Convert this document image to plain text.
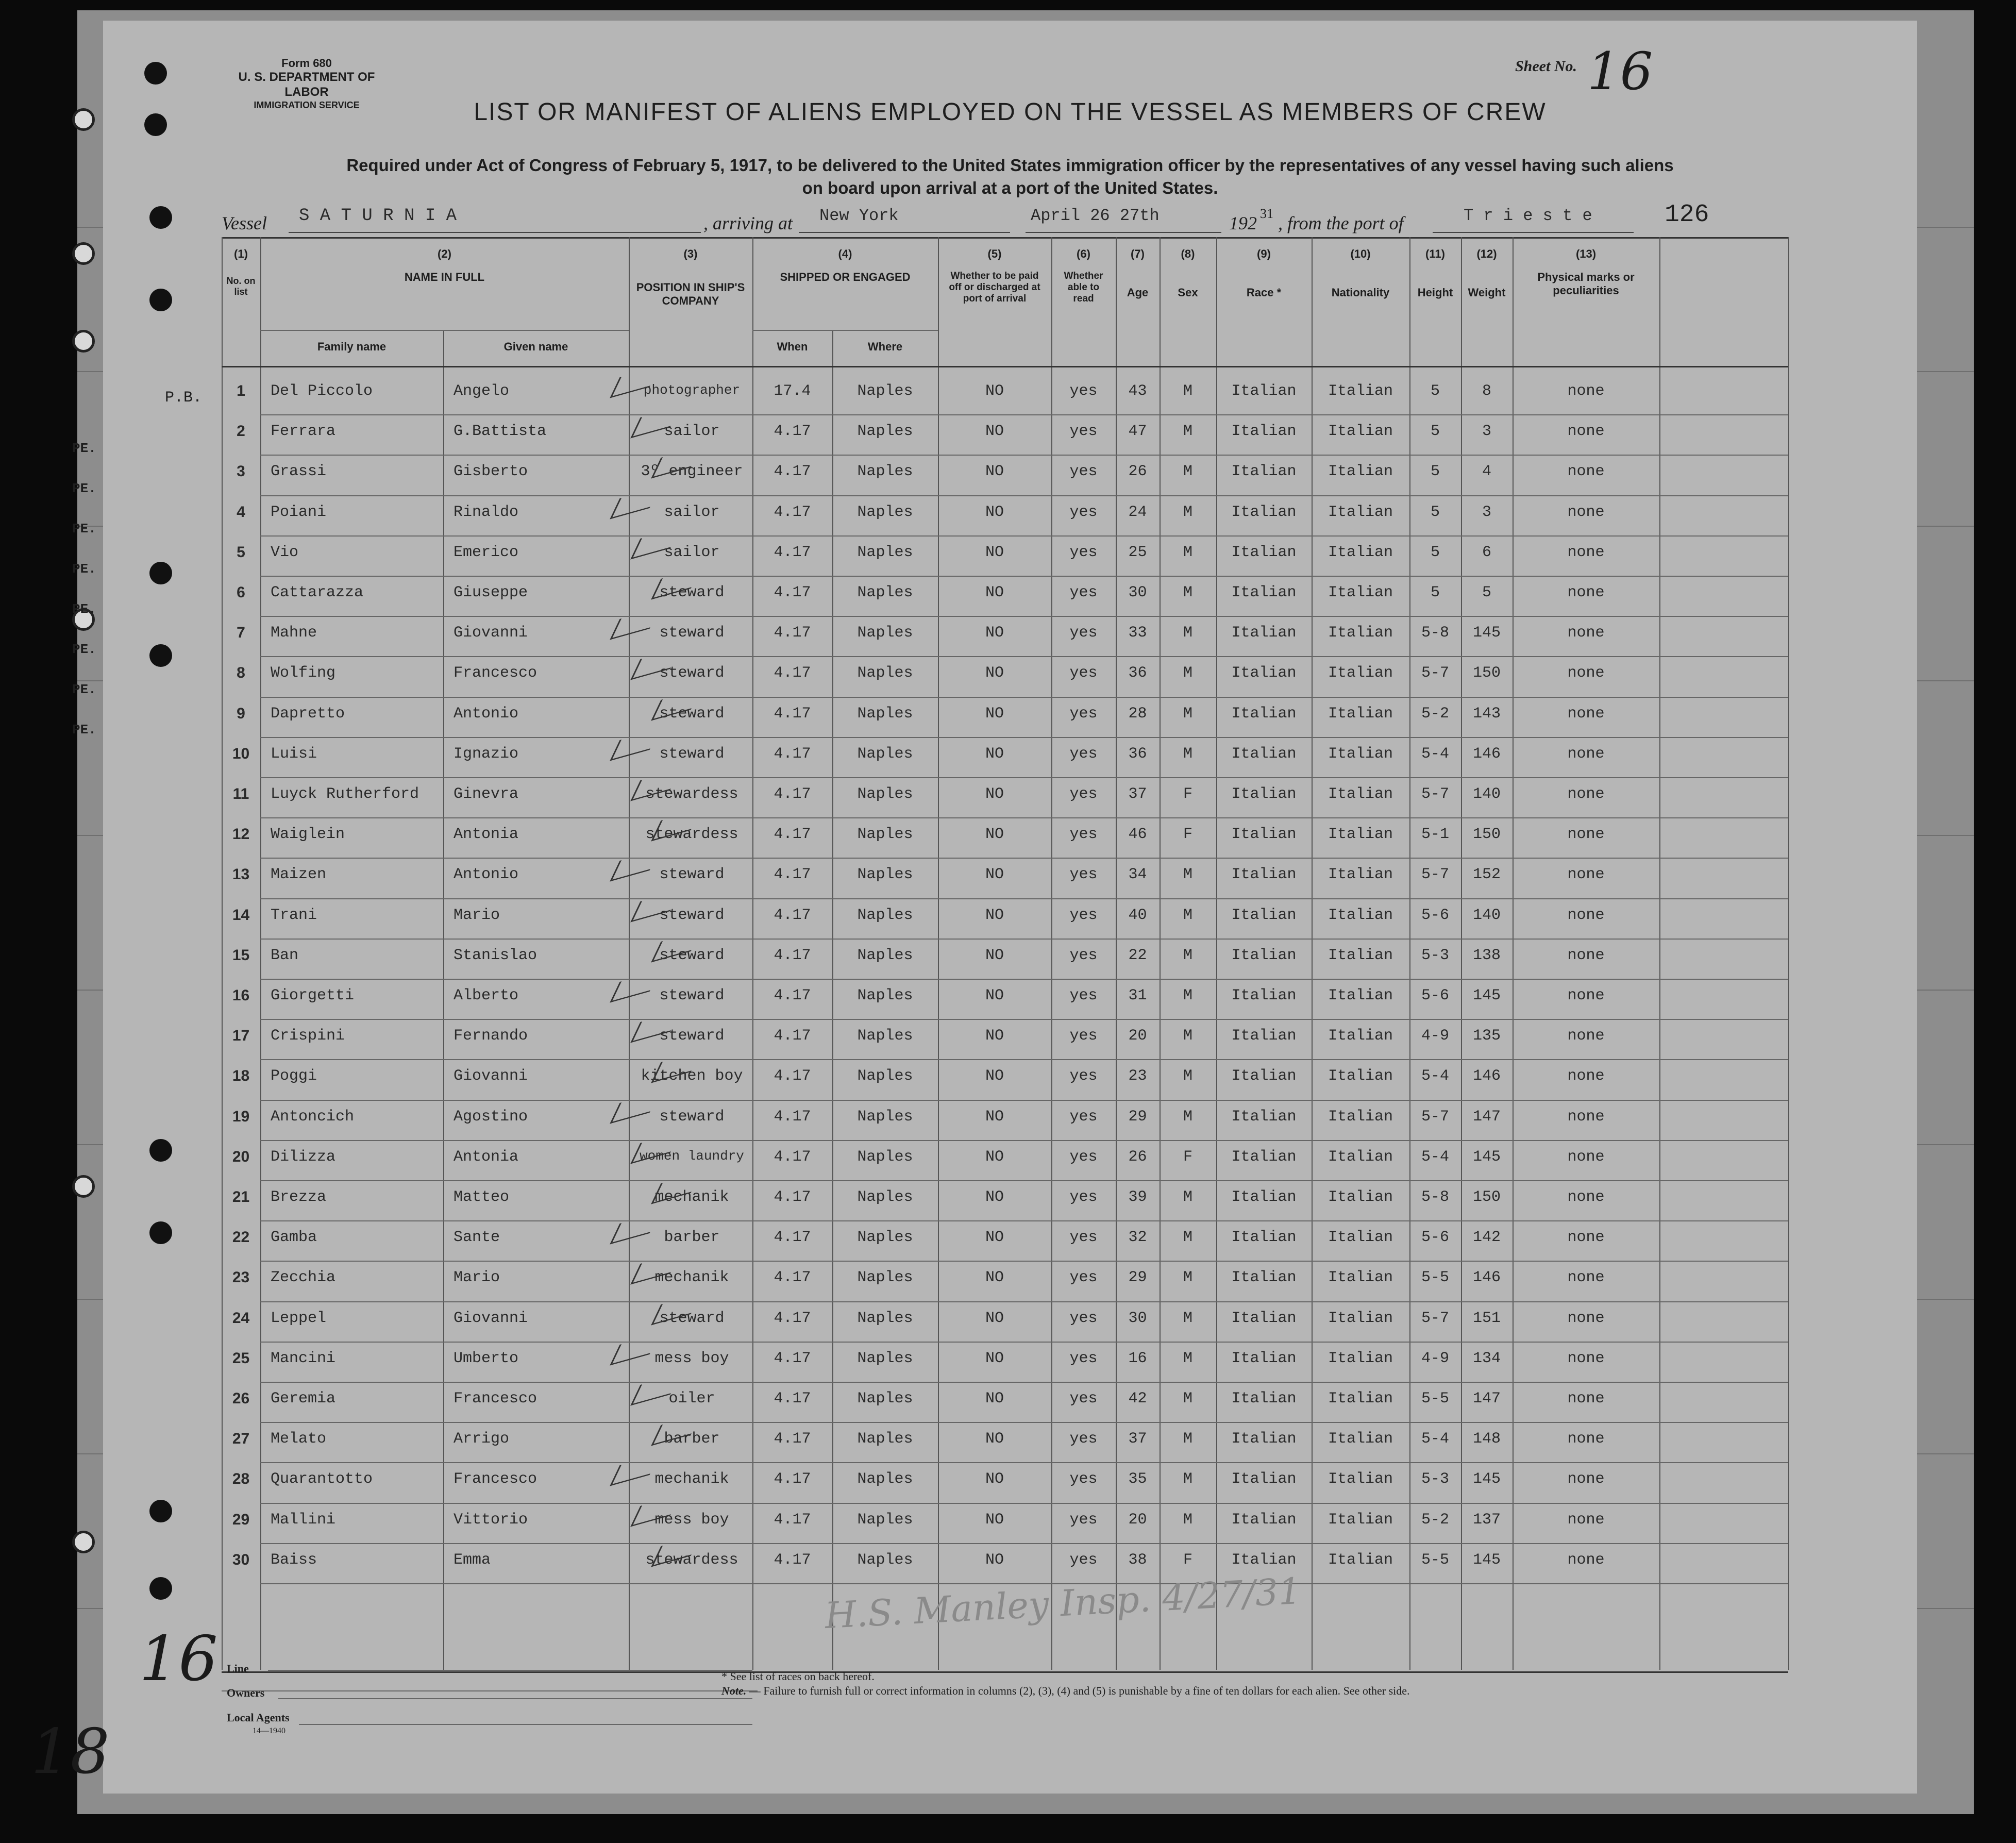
Form 680
U. S. DEPARTMENT OF LABOR
IMMIGRATION SERVICE
Sheet No. 16
LIST OR MANIFEST OF ALIENS EMPLOYED ON THE VESSEL AS MEMBERS OF CREW
Required under Act of Congress of February 5, 1917, to be delivered to the United States immigration officer by the representatives of any vessel having such aliens
on board upon arrival at a port of the United States.
Vessel S A T U R N I A	, arriving at New York	April 26 27th	192 31 , from the port of	T r i e s t e	126
(1)
No. on list
(2)
NAME IN FULL
(3)
POSITION IN SHIP'S COMPANY
(4)
SHIPPED OR ENGAGED
(5)
Whether to be paid off or discharged at port of arrival
(6)
Whether able to read
(7)
Age
(8)
Sex
(9)
Race *
(10)
Nationality
(11)
Height
(12)
Weight
(13)
Physical marks or peculiarities
Family name	Given name	When	Where
1	Del Piccolo	Angelo	photographer	17.4	Naples	NO	yes	43	M	Italian	Italian	5	8	none
2	Ferrara	G.Battista	sailor	4.17	Naples	NO	yes	47	M	Italian	Italian	5	3	none
3	Grassi	Gisberto	3º engineer	4.17	Naples	NO	yes	26	M	Italian	Italian	5	4	none
4	Poiani	Rinaldo	sailor	4.17	Naples	NO	yes	24	M	Italian	Italian	5	3	none
5	Vio	Emerico	sailor	4.17	Naples	NO	yes	25	M	Italian	Italian	5	6	none
6	Cattarazza	Giuseppe	steward	4.17	Naples	NO	yes	30	M	Italian	Italian	5	5	none
7	Mahne	Giovanni	steward	4.17	Naples	NO	yes	33	M	Italian	Italian	5-8	145	none
8	Wolfing	Francesco	steward	4.17	Naples	NO	yes	36	M	Italian	Italian	5-7	150	none
9	Dapretto	Antonio	steward	4.17	Naples	NO	yes	28	M	Italian	Italian	5-2	143	none
10	Luisi	Ignazio	steward	4.17	Naples	NO	yes	36	M	Italian	Italian	5-4	146	none
11	Luyck Rutherford	Ginevra	stewardess	4.17	Naples	NO	yes	37	F	Italian	Italian	5-7	140	none
12	Waiglein	Antonia	stewardess	4.17	Naples	NO	yes	46	F	Italian	Italian	5-1	150	none
13	Maizen	Antonio	steward	4.17	Naples	NO	yes	34	M	Italian	Italian	5-7	152	none
14	Trani	Mario	steward	4.17	Naples	NO	yes	40	M	Italian	Italian	5-6	140	none
15	Ban	Stanislao	steward	4.17	Naples	NO	yes	22	M	Italian	Italian	5-3	138	none
16	Giorgetti	Alberto	steward	4.17	Naples	NO	yes	31	M	Italian	Italian	5-6	145	none
17	Crispini	Fernando	steward	4.17	Naples	NO	yes	20	M	Italian	Italian	4-9	135	none
18	Poggi	Giovanni	kitchen boy	4.17	Naples	NO	yes	23	M	Italian	Italian	5-4	146	none
19	Antoncich	Agostino	steward	4.17	Naples	NO	yes	29	M	Italian	Italian	5-7	147	none
20	Dilizza	Antonia	women laundry	4.17	Naples	NO	yes	26	F	Italian	Italian	5-4	145	none
21	Brezza	Matteo	mechanik	4.17	Naples	NO	yes	39	M	Italian	Italian	5-8	150	none
22	Gamba	Sante	barber	4.17	Naples	NO	yes	32	M	Italian	Italian	5-6	142	none
23	Zecchia	Mario	mechanik	4.17	Naples	NO	yes	29	M	Italian	Italian	5-5	146	none
24	Leppel	Giovanni	steward	4.17	Naples	NO	yes	30	M	Italian	Italian	5-7	151	none
25	Mancini	Umberto	mess boy	4.17	Naples	NO	yes	16	M	Italian	Italian	4-9	134	none
26	Geremia	Francesco	oiler	4.17	Naples	NO	yes	42	M	Italian	Italian	5-5	147	none
27	Melato	Arrigo	barber	4.17	Naples	NO	yes	37	M	Italian	Italian	5-4	148	none
28	Quarantotto	Francesco	mechanik	4.17	Naples	NO	yes	35	M	Italian	Italian	5-3	145	none
29	Mallini	Vittorio	mess boy	4.17	Naples	NO	yes	20	M	Italian	Italian	5-2	137	none
30	Baiss	Emma	stewardess	4.17	Naples	NO	yes	38	F	Italian	Italian	5-5	145	none
P.B.
PE.
PE.
PE.
PE.
PE.
PE.
PE.
PE.
H.S. Manley Insp. 4/27/31
Line
Owners
Local Agents
14—1940
* See list of races on back hereof.
Note. — Failure to furnish full or correct information in columns (2), (3), (4) and (5) is punishable by a fine of ten dollars for each alien. See other side.
16
18
